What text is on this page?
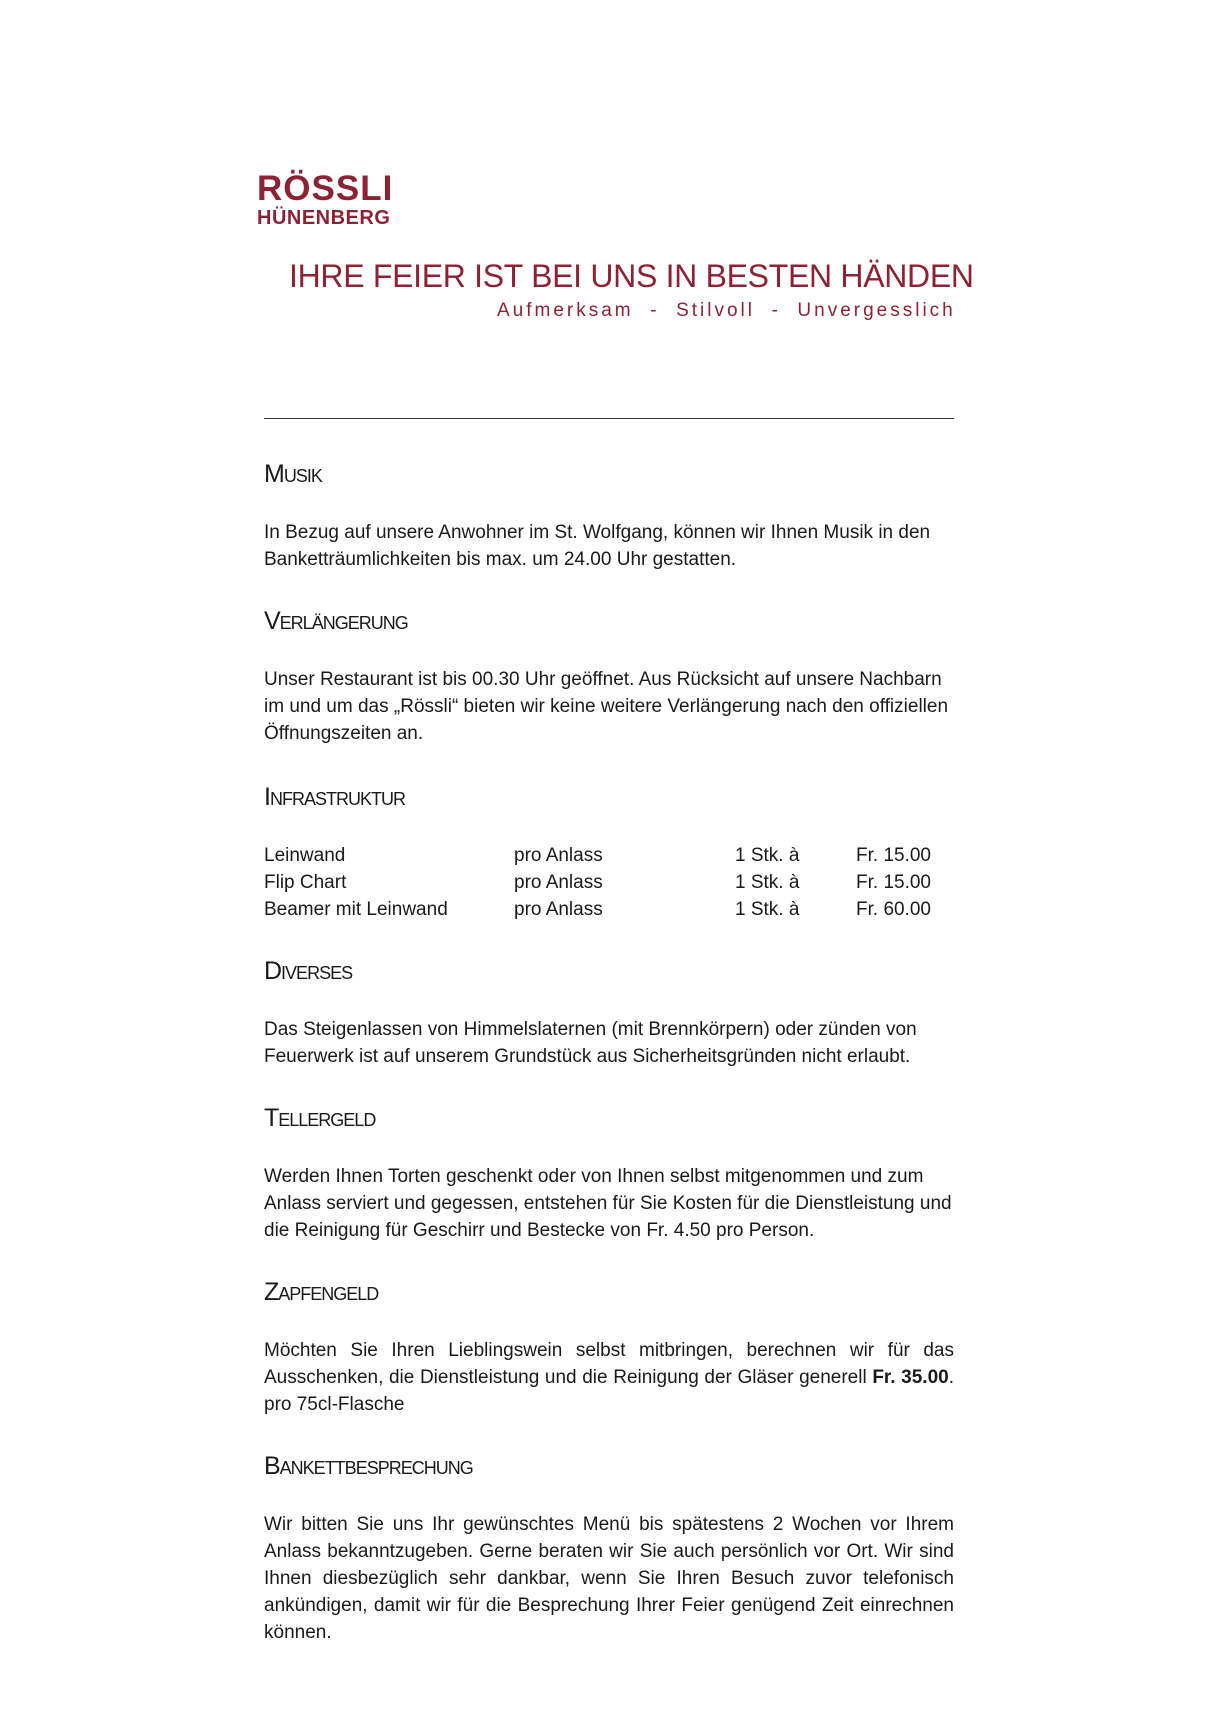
RÖSSLI
HÜNENBERG
IHRE FEIER IST BEI UNS IN BESTEN HÄNDEN
Aufmerksam  -  Stilvoll  -  Unvergesslich
Musik

In Bezug auf unsere Anwohner im St. Wolfgang, können wir Ihnen Musik in den Banketträumlichkeiten bis max. um 24.00 Uhr gestatten.

Verlängerung

Unser Restaurant ist bis 00.30 Uhr geöffnet. Aus Rücksicht auf unsere Nachbarn im und um das „Rössli“ bieten wir keine weitere Verlängerung nach den offiziellen Öffnungszeiten an.

Infrastruktur
Leinwand	pro Anlass	1 Stk. à	Fr. 15.00
Flip Chart	pro Anlass	1 Stk. à	Fr. 15.00
Beamer mit Leinwand	pro Anlass	1 Stk. à	Fr. 60.00
Diverses

Das Steigenlassen von Himmelslaternen (mit Brennkörpern) oder zünden von Feuerwerk ist auf unserem Grundstück aus Sicherheitsgründen nicht erlaubt.

Tellergeld

Werden Ihnen Torten geschenkt oder von Ihnen selbst mitgenommen und zum Anlass serviert und gegessen, entstehen für Sie Kosten für die Dienstleistung und die Reinigung für Geschirr und Bestecke von Fr. 4.50 pro Person.

Zapfengeld

Möchten Sie Ihren Lieblingswein selbst mitbringen, berechnen wir für das Ausschenken, die Dienstleistung und die Reinigung der Gläser generell Fr. 35.00. pro 75cl-Flasche

Bankettbesprechung

Wir bitten Sie uns Ihr gewünschtes Menü bis spätestens 2 Wochen vor Ihrem Anlass bekanntzugeben. Gerne beraten wir Sie auch persönlich vor Ort. Wir sind Ihnen diesbezüglich sehr dankbar, wenn Sie Ihren Besuch zuvor telefonisch ankündigen, damit wir für die Besprechung Ihrer Feier genügend Zeit einrechnen können.
